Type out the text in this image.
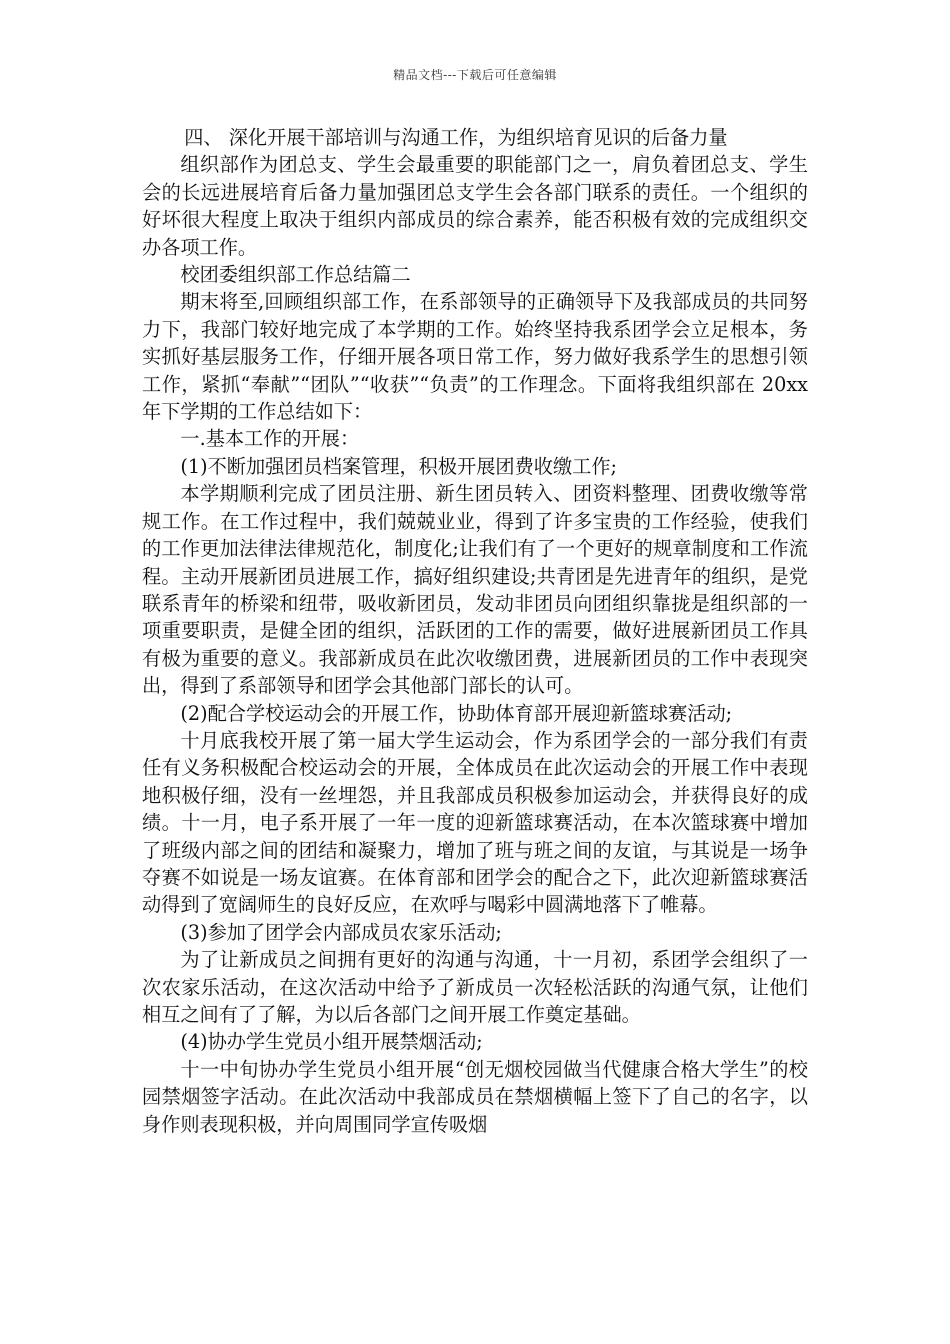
精品文档---下载后可任意编辑

四、 深化开展干部培训与沟通工作，为组织培育见识的后备力量

组织部作为团总支、学生会最重要的职能部门之一，肩负着团总支、学生会的长远进展培育后备力量加强团总支学生会各部门联系的责任。一个组织的好坏很大程度上取决于组织内部成员的综合素养，能否积极有效的完成组织交办各项工作。

校团委组织部工作总结篇二

期末将至,回顾组织部工作，在系部领导的正确领导下及我部成员的共同努力下，我部门较好地完成了本学期的工作。始终坚持我系团学会立足根本，务实抓好基层服务工作，仔细开展各项日常工作，努力做好我系学生的思想引领工作，紧抓“奉献”“团队”“收获”“负责”的工作理念。下面将我组织部在 20xx 年下学期的工作总结如下：

一.基本工作的开展：

(1)不断加强团员档案管理，积极开展团费收缴工作;

本学期顺利完成了团员注册、新生团员转入、团资料整理、团费收缴等常规工作。在工作过程中，我们兢兢业业，得到了许多宝贵的工作经验，使我们的工作更加法律法律规范化，制度化;让我们有了一个更好的规章制度和工作流程。主动开展新团员进展工作，搞好组织建设;共青团是先进青年的组织，是党联系青年的桥梁和纽带，吸收新团员，发动非团员向团组织靠拢是组织部的一项重要职责，是健全团的组织，活跃团的工作的需要，做好进展新团员工作具有极为重要的意义。我部新成员在此次收缴团费，进展新团员的工作中表现突出，得到了系部领导和团学会其他部门部长的认可。

(2)配合学校运动会的开展工作，协助体育部开展迎新篮球赛活动;

十月底我校开展了第一届大学生运动会，作为系团学会的一部分我们有责任有义务积极配合校运动会的开展，全体成员在此次运动会的开展工作中表现地积极仔细，没有一丝埋怨，并且我部成员积极参加运动会，并获得良好的成绩。十一月，电子系开展了一年一度的迎新篮球赛活动，在本次篮球赛中增加了班级内部之间的团结和凝聚力，增加了班与班之间的友谊，与其说是一场争夺赛不如说是一场友谊赛。在体育部和团学会的配合之下，此次迎新篮球赛活动得到了宽阔师生的良好反应，在欢呼与喝彩中圆满地落下了帷幕。

(3)参加了团学会内部成员农家乐活动;

为了让新成员之间拥有更好的沟通与沟通，十一月初，系团学会组织了一次农家乐活动，在这次活动中给予了新成员一次轻松活跃的沟通气氛，让他们相互之间有了了解，为以后各部门之间开展工作奠定基础。

(4)协办学生党员小组开展禁烟活动;

十一中旬协办学生党员小组开展“创无烟校园做当代健康合格大学生”的校园禁烟签字活动。在此次活动中我部成员在禁烟横幅上签下了自己的名字，以身作则表现积极，并向周围同学宣传吸烟
